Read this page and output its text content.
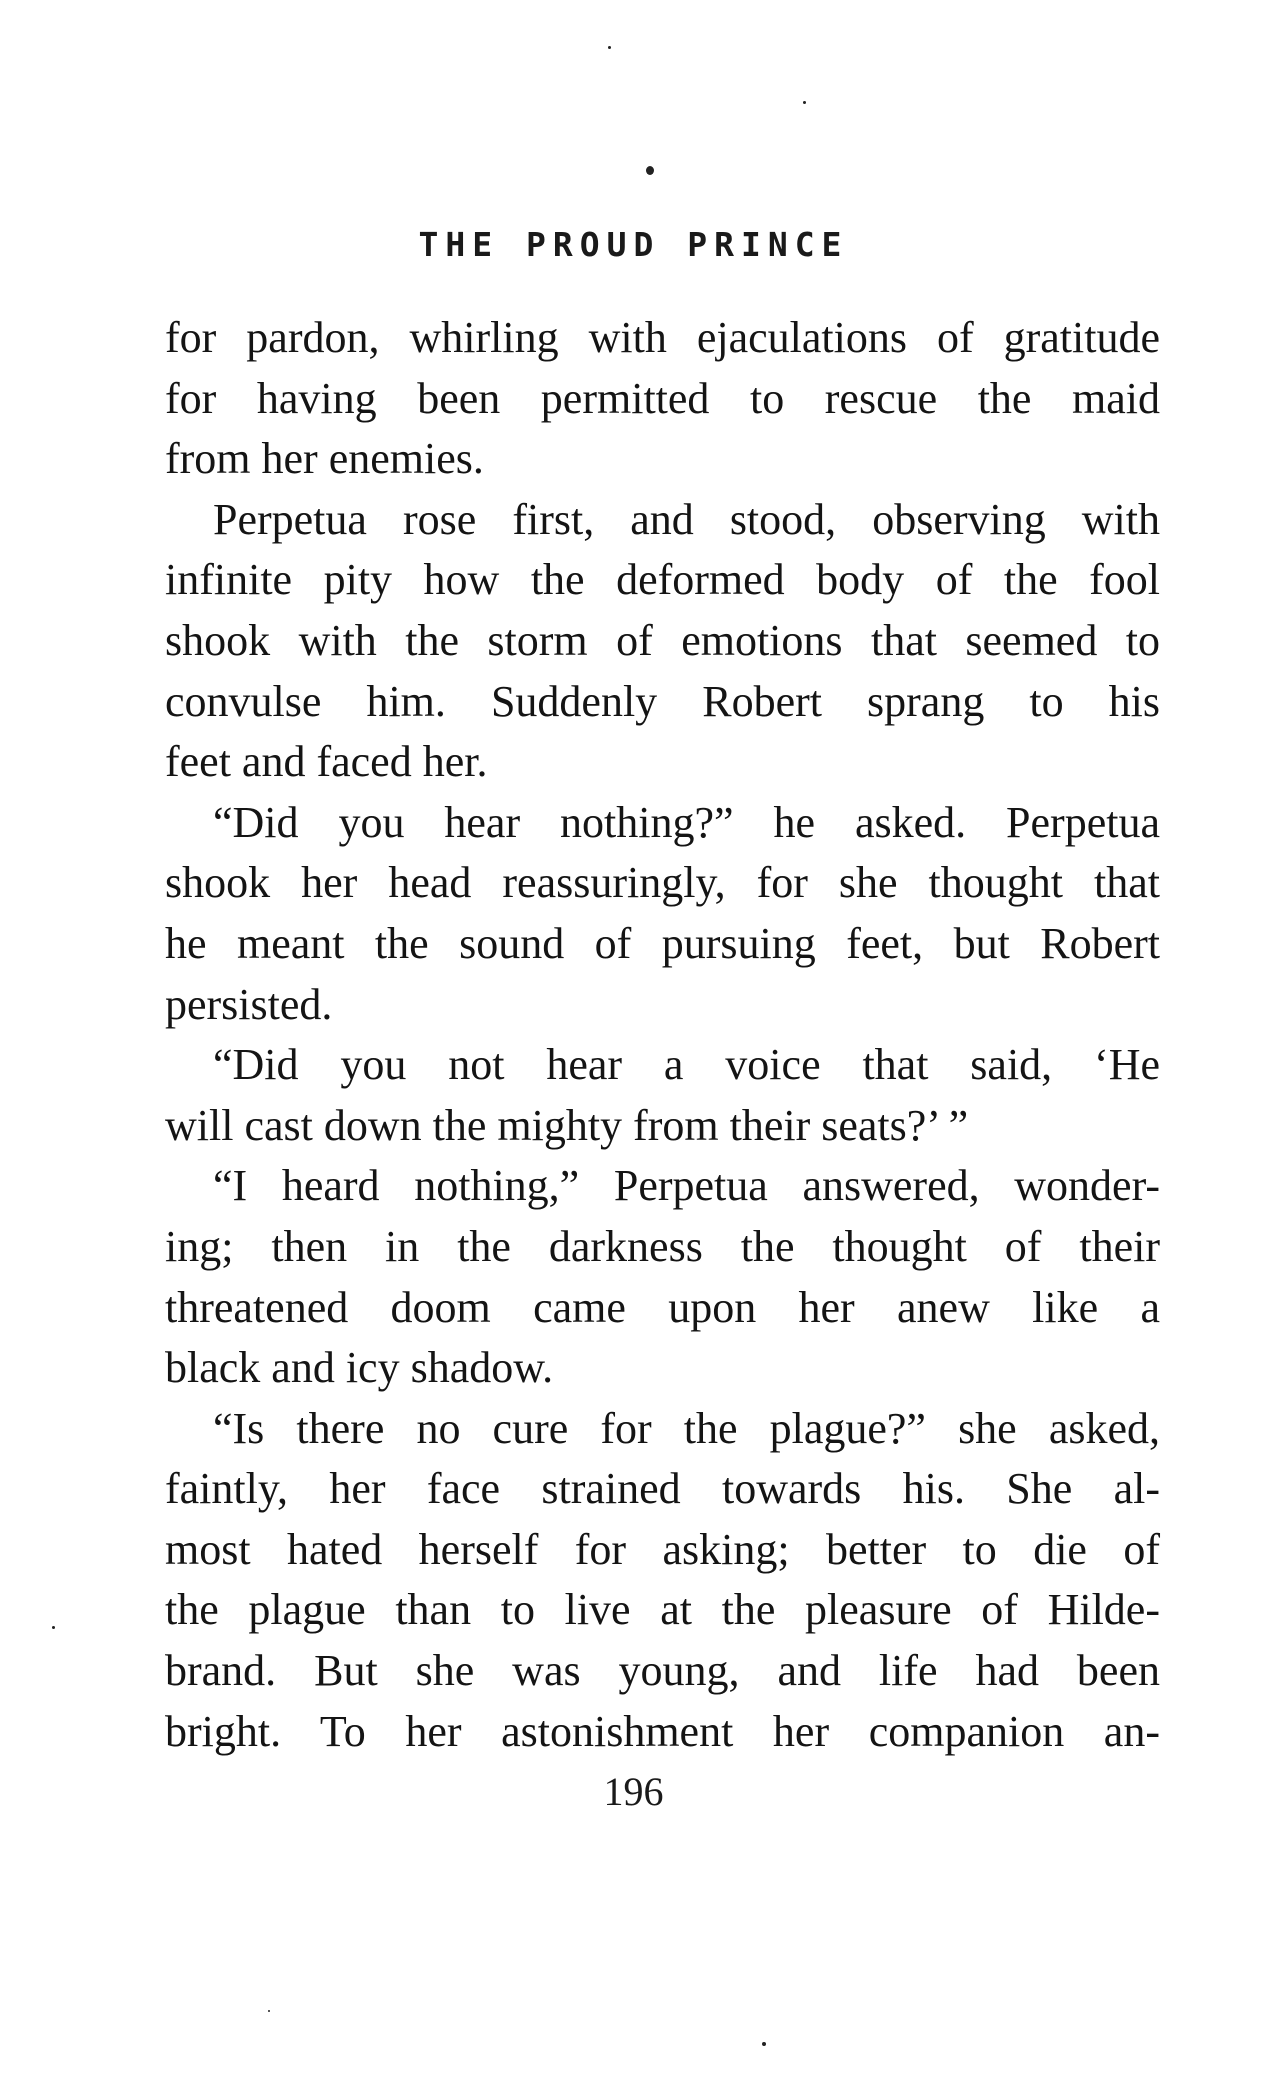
THE PROUD PRINCE

for pardon, whirling with ejaculations of gratitude
for having been permitted to rescue the maid
from her enemies.

Perpetua rose first, and stood, observing with
infinite pity how the deformed body of the fool
shook with the storm of emotions that seemed to
convulse him. Suddenly Robert sprang to his
feet and faced her.

“Did you hear nothing?” he asked. Perpetua
shook her head reassuringly, for she thought that
he meant the sound of pursuing feet, but Robert
persisted.

“Did you not hear a voice that said, ‘He
will cast down the mighty from their seats?’ ”

“I heard nothing,” Perpetua answered, wonder-
ing; then in the darkness the thought of their
threatened doom came upon her anew like a
black and icy shadow.

“Is there no cure for the plague?” she asked,
faintly, her face strained towards his. She al-
most hated herself for asking; better to die of
the plague than to live at the pleasure of Hilde-
brand. But she was young, and life had been
bright. To her astonishment her companion an-

196
